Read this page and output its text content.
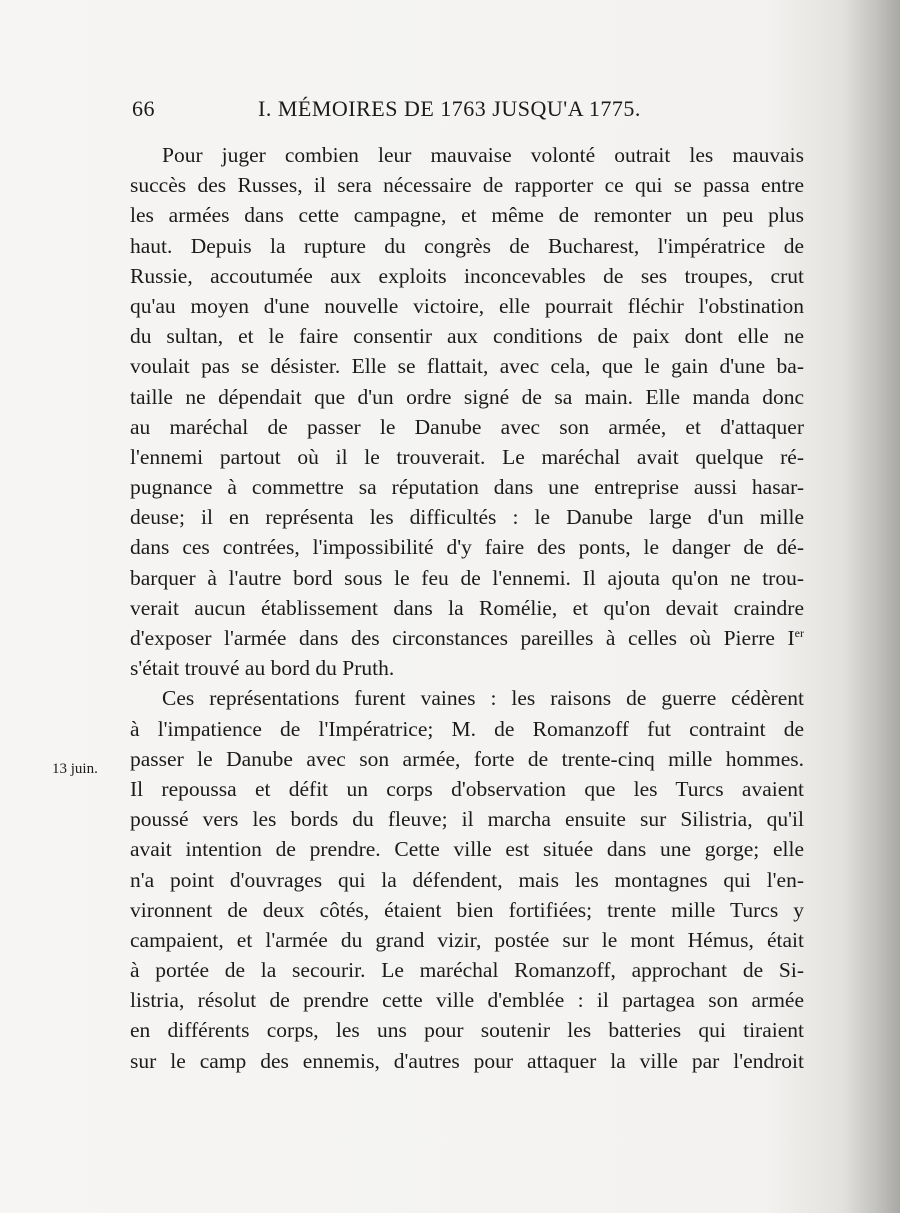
66	I. MÉMOIRES DE 1763 JUSQU'A 1775.
13 juin.
Pour juger combien leur mauvaise volonté outrait les mauvais
succès des Russes, il sera nécessaire de rapporter ce qui se passa entre
les armées dans cette campagne, et même de remonter un peu plus
haut. Depuis la rupture du congrès de Bucharest, l'impératrice de
Russie, accoutumée aux exploits inconcevables de ses troupes, crut
qu'au moyen d'une nouvelle victoire, elle pourrait fléchir l'obstination
du sultan, et le faire consentir aux conditions de paix dont elle ne
voulait pas se désister. Elle se flattait, avec cela, que le gain d'une ba-
taille ne dépendait que d'un ordre signé de sa main. Elle manda donc
au maréchal de passer le Danube avec son armée, et d'attaquer
l'ennemi partout où il le trouverait. Le maréchal avait quelque ré-
pugnance à commettre sa réputation dans une entreprise aussi hasar-
deuse; il en représenta les difficultés : le Danube large d'un mille
dans ces contrées, l'impossibilité d'y faire des ponts, le danger de dé-
barquer à l'autre bord sous le feu de l'ennemi. Il ajouta qu'on ne trou-
verait aucun établissement dans la Romélie, et qu'on devait craindre
d'exposer l'armée dans des circonstances pareilles à celles où Pierre Ier
s'était trouvé au bord du Pruth.
Ces représentations furent vaines : les raisons de guerre cédèrent
à l'impatience de l'Impératrice; M. de Romanzoff fut contraint de
passer le Danube avec son armée, forte de trente-cinq mille hommes.
Il repoussa et défit un corps d'observation que les Turcs avaient
poussé vers les bords du fleuve; il marcha ensuite sur Silistria, qu'il
avait intention de prendre. Cette ville est située dans une gorge; elle
n'a point d'ouvrages qui la défendent, mais les montagnes qui l'en-
vironnent de deux côtés, étaient bien fortifiées; trente mille Turcs y
campaient, et l'armée du grand vizir, postée sur le mont Hémus, était
à portée de la secourir. Le maréchal Romanzoff, approchant de Si-
listria, résolut de prendre cette ville d'emblée : il partagea son armée
en différents corps, les uns pour soutenir les batteries qui tiraient
sur le camp des ennemis, d'autres pour attaquer la ville par l'endroit
